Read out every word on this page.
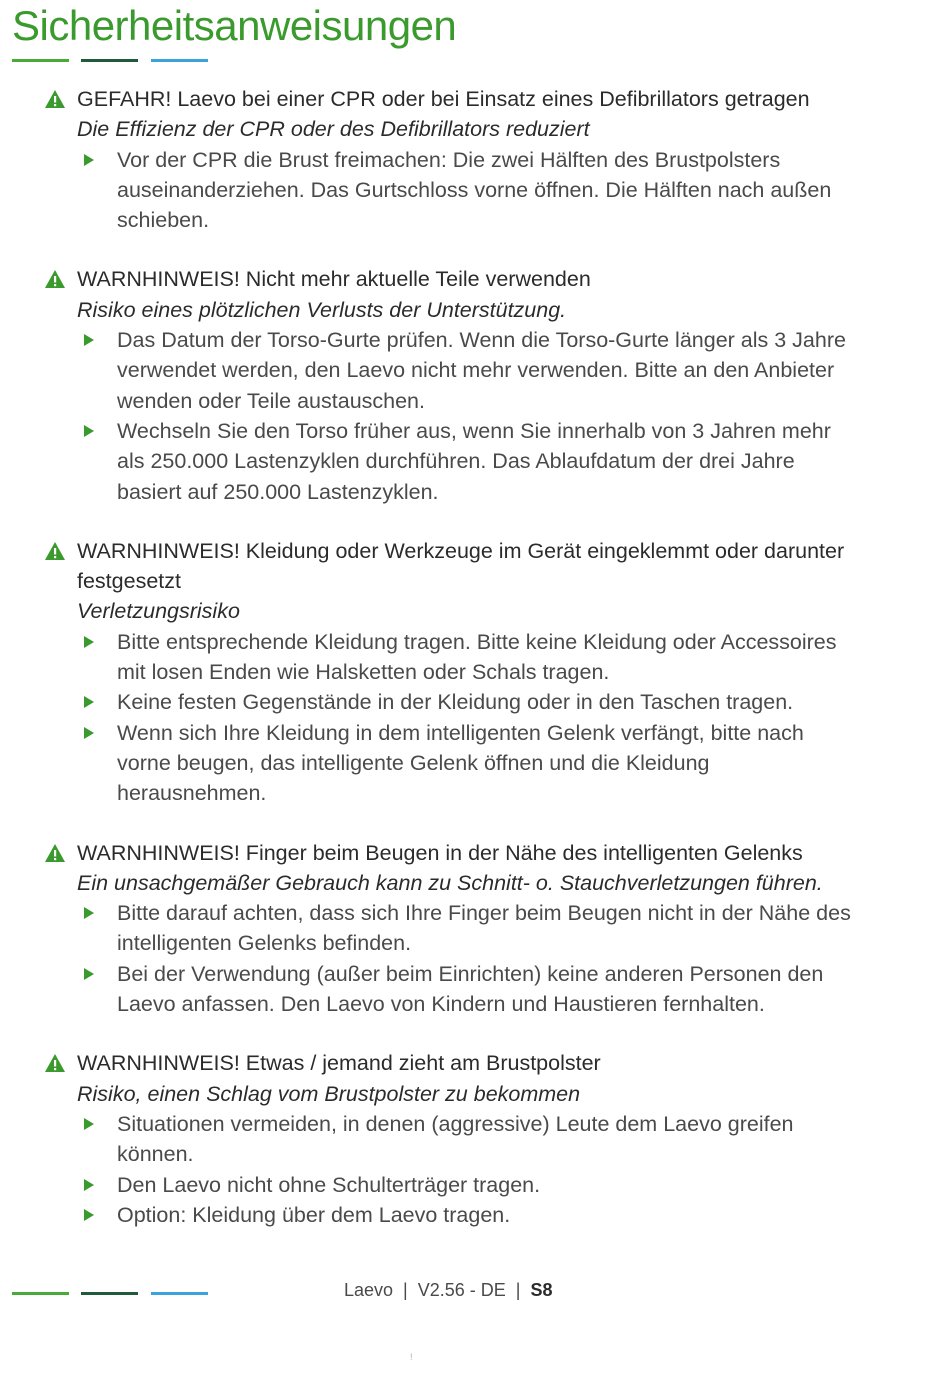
Sicherheitsanweisungen

GEFAHR! Laevo bei einer CPR oder bei Einsatz eines Defibrillators getragen

Die Effizienz der CPR oder des Defibrillators reduziert

Vor der CPR die Brust freimachen: Die zwei Hälften des Brustpolsters auseinanderziehen. Das Gurtschloss vorne öffnen. Die Hälften nach außen schieben.

WARNHINWEIS! Nicht mehr aktuelle Teile verwenden

Risiko eines plötzlichen Verlusts der Unterstützung.

Das Datum der Torso-Gurte prüfen. Wenn die Torso-Gurte länger als 3 Jahre verwendet werden, den Laevo nicht mehr verwenden. Bitte an den Anbieter wenden oder Teile austauschen.

Wechseln Sie den Torso früher aus, wenn Sie innerhalb von 3 Jahren mehr als 250.000 Lastenzyklen durchführen. Das Ablaufdatum der drei Jahre basiert auf 250.000 Lastenzyklen.

WARNHINWEIS! Kleidung oder Werkzeuge im Gerät eingeklemmt oder darunter festgesetzt

Verletzungsrisiko

Bitte entsprechende Kleidung tragen. Bitte keine Kleidung oder Accessoires mit losen Enden wie Halsketten oder Schals tragen.

Keine festen Gegenstände in der Kleidung oder in den Taschen tragen.

Wenn sich Ihre Kleidung in dem intelligenten Gelenk verfängt, bitte nach vorne beugen, das intelligente Gelenk öffnen und die Kleidung herausnehmen.

WARNHINWEIS! Finger beim Beugen in der Nähe des intelligenten Gelenks

Ein unsachgemäßer Gebrauch kann zu Schnitt- o. Stauchverletzungen führen.

Bitte darauf achten, dass sich Ihre Finger beim Beugen nicht in der Nähe des intelligenten Gelenks befinden.

Bei der Verwendung (außer beim Einrichten) keine anderen Personen den Laevo anfassen. Den Laevo von Kindern und Haustieren fernhalten.

WARNHINWEIS! Etwas / jemand zieht am Brustpolster

Risiko, einen Schlag vom Brustpolster zu bekommen

Situationen vermeiden, in denen (aggressive) Leute dem Laevo greifen können.

Den Laevo nicht ohne Schulterträger tragen.

Option: Kleidung über dem Laevo tragen.

Laevo | V2.56 - DE | S8
!
